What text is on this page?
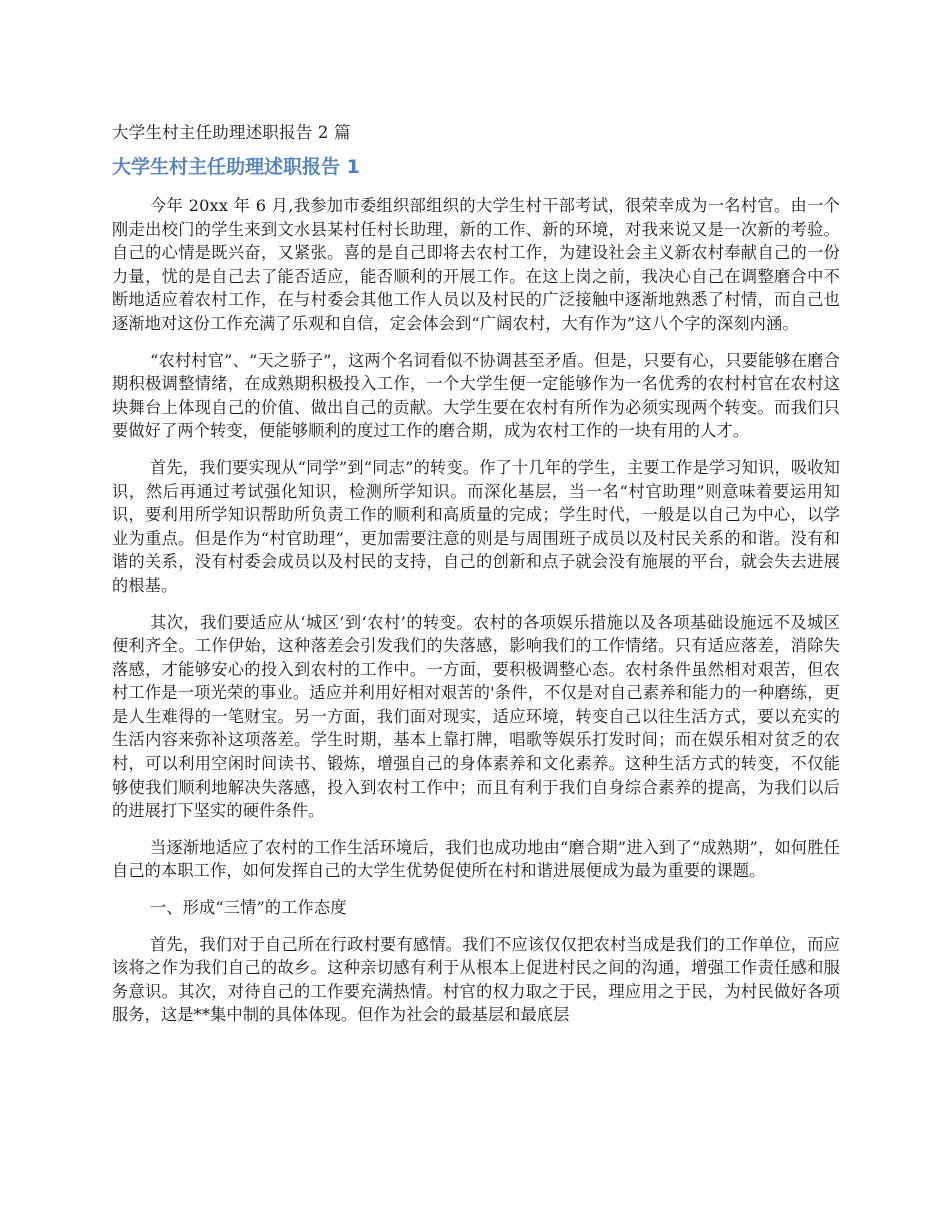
大学生村主任助理述职报告 2 篇
大学生村主任助理述职报告 1

今年 20xx 年 6 月,我参加市委组织部组织的大学生村干部考试，很荣幸成为一名村官。由一个刚走出校门的学生来到文水县某村任村长助理，新的工作、新的环境，对我来说又是一次新的考验。自己的心情是既兴奋，又紧张。喜的是自己即将去农村工作，为建设社会主义新农村奉献自己的一份力量，忧的是自己去了能否适应，能否顺利的开展工作。在这上岗之前，我决心自己在调整磨合中不断地适应着农村工作，在与村委会其他工作人员以及村民的广泛接触中逐渐地熟悉了村情，而自己也逐渐地对这份工作充满了乐观和自信，定会体会到“广阔农村，大有作为”这八个字的深刻内涵。

“农村村官”、“天之骄子”，这两个名词看似不协调甚至矛盾。但是，只要有心，只要能够在磨合期积极调整情绪，在成熟期积极投入工作，一个大学生便一定能够作为一名优秀的农村村官在农村这块舞台上体现自己的价值、做出自己的贡献。大学生要在农村有所作为必须实现两个转变。而我们只要做好了两个转变，便能够顺利的度过工作的磨合期，成为农村工作的一块有用的人才。

首先，我们要实现从“同学”到“同志”的转变。作了十几年的学生，主要工作是学习知识，吸收知识，然后再通过考试强化知识，检测所学知识。而深化基层，当一名“村官助理”则意味着要运用知识，要利用所学知识帮助所负责工作的顺利和高质量的完成；学生时代，一般是以自己为中心，以学业为重点。但是作为“村官助理”，更加需要注意的则是与周围班子成员以及村民关系的和谐。没有和谐的关系，没有村委会成员以及村民的支持，自己的创新和点子就会没有施展的平台，就会失去进展的根基。

其次，我们要适应从‘城区’到‘农村’的转变。农村的各项娱乐措施以及各项基础设施远不及城区便利齐全。工作伊始，这种落差会引发我们的失落感，影响我们的工作情绪。只有适应落差，消除失落感，才能够安心的投入到农村的工作中。一方面，要积极调整心态。农村条件虽然相对艰苦，但农村工作是一项光荣的事业。适应并利用好相对艰苦的'条件，不仅是对自己素养和能力的一种磨练，更是人生难得的一笔财宝。另一方面，我们面对现实，适应环境，转变自己以往生活方式，要以充实的生活内容来弥补这项落差。学生时期，基本上靠打牌，唱歌等娱乐打发时间；而在娱乐相对贫乏的农村，可以利用空闲时间读书、锻炼，增强自己的身体素养和文化素养。这种生活方式的转变，不仅能够使我们顺利地解决失落感，投入到农村工作中；而且有利于我们自身综合素养的提高，为我们以后的进展打下坚实的硬件条件。

当逐渐地适应了农村的工作生活环境后，我们也成功地由“磨合期”进入到了“成熟期”，如何胜任自己的本职工作，如何发挥自己的大学生优势促使所在村和谐进展便成为最为重要的课题。

一、形成“三情”的工作态度

首先，我们对于自己所在行政村要有感情。我们不应该仅仅把农村当成是我们的工作单位，而应该将之作为我们自己的故乡。这种亲切感有利于从根本上促进村民之间的沟通，增强工作责任感和服务意识。其次，对待自己的工作要充满热情。村官的权力取之于民，理应用之于民，为村民做好各项服务，这是**集中制的具体体现。但作为社会的最基层和最底层
